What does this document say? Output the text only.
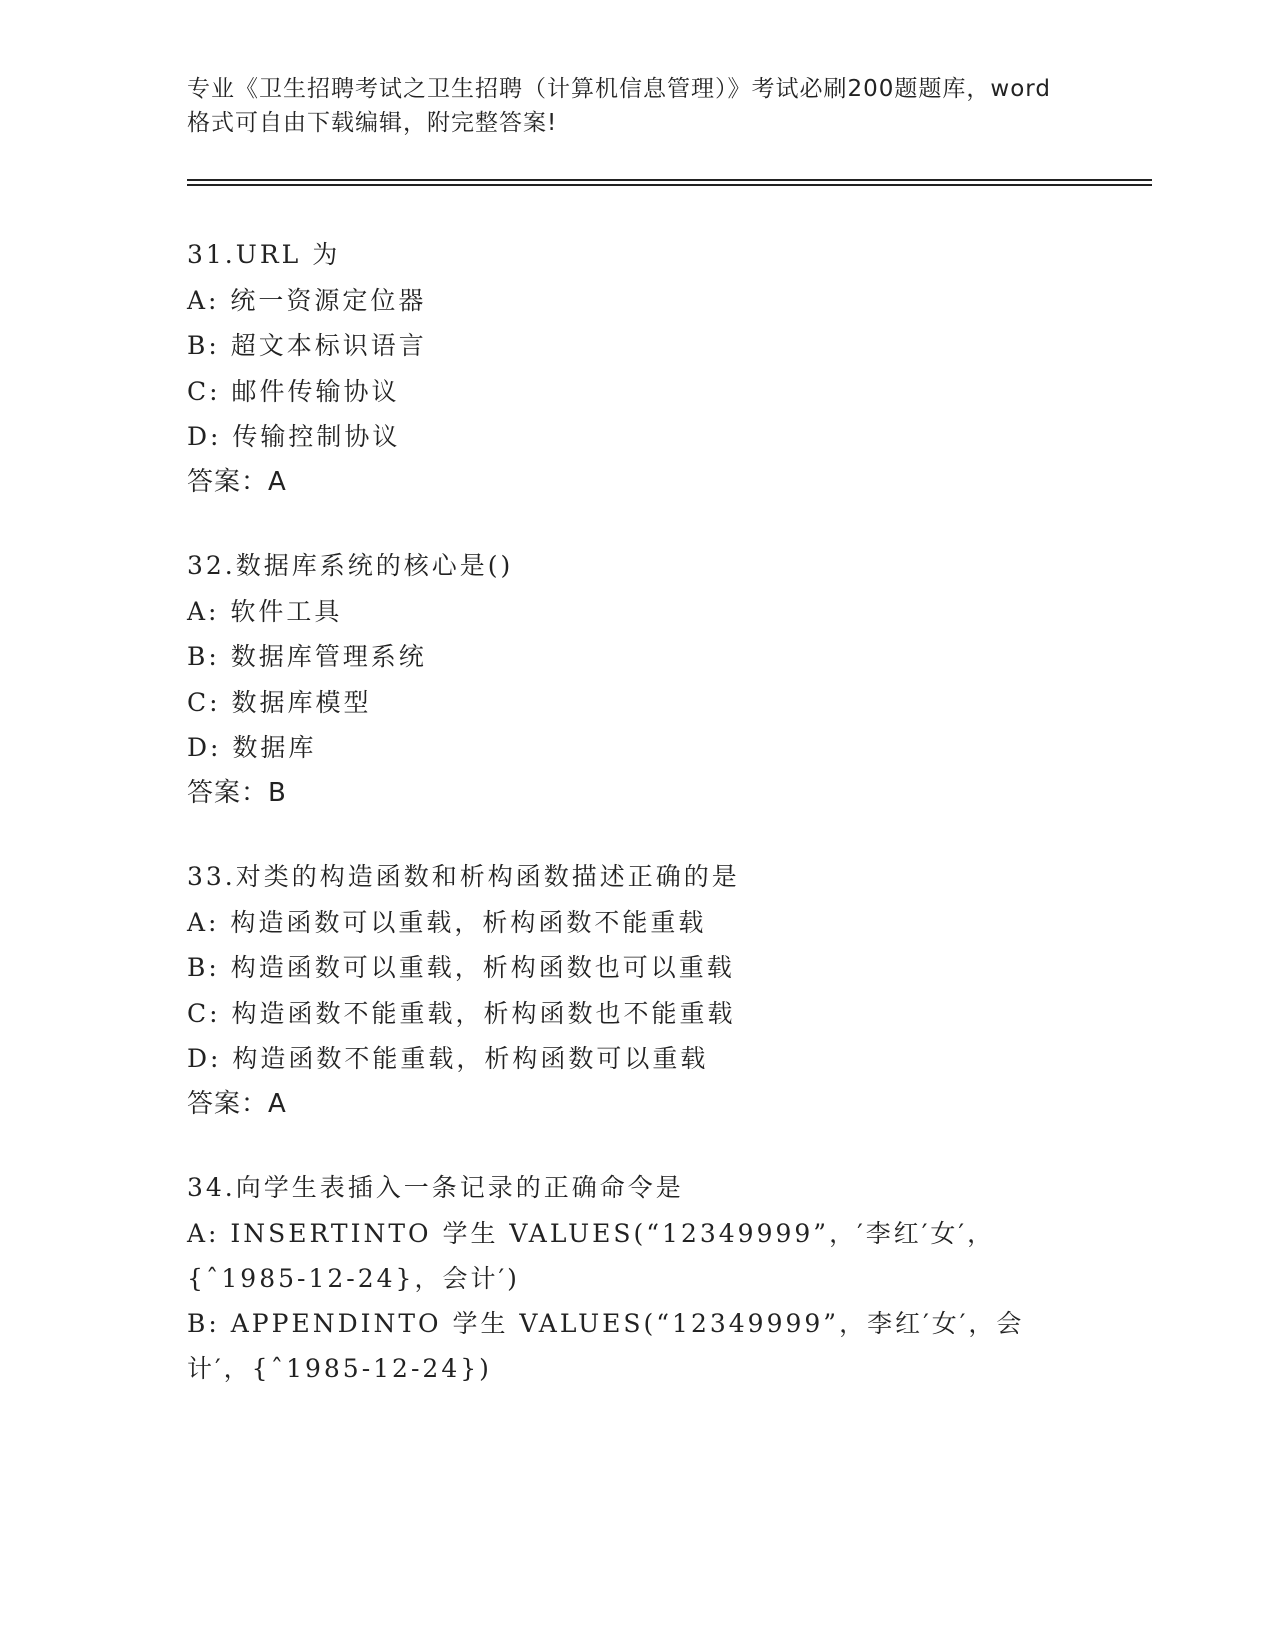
专业《卫生招聘考试之卫生招聘（计算机信息管理）》考试必刷200题题库，word
格式可自由下载编辑，附完整答案!
31.URL 为
A: 统一资源定位器
B: 超文本标识语言
C: 邮件传输协议
D: 传输控制协议
答案：A
32.数据库系统的核心是()
A: 软件工具
B: 数据库管理系统
C: 数据库模型
D: 数据库
答案：B
33.对类的构造函数和析构函数描述正确的是
A: 构造函数可以重载，析构函数不能重载
B: 构造函数可以重载，析构函数也可以重载
C: 构造函数不能重载，析构函数也不能重载
D: 构造函数不能重载，析构函数可以重载
答案：A
34.向学生表插入一条记录的正确命令是
A: INSERTINTO 学生 VALUES(“12349999”，′李红′女′，{ˆ1985-12-24}，会计′)
B: APPENDINTO 学生 VALUES(“12349999”，李红′女′，会计′，{ˆ1985-12-24})
